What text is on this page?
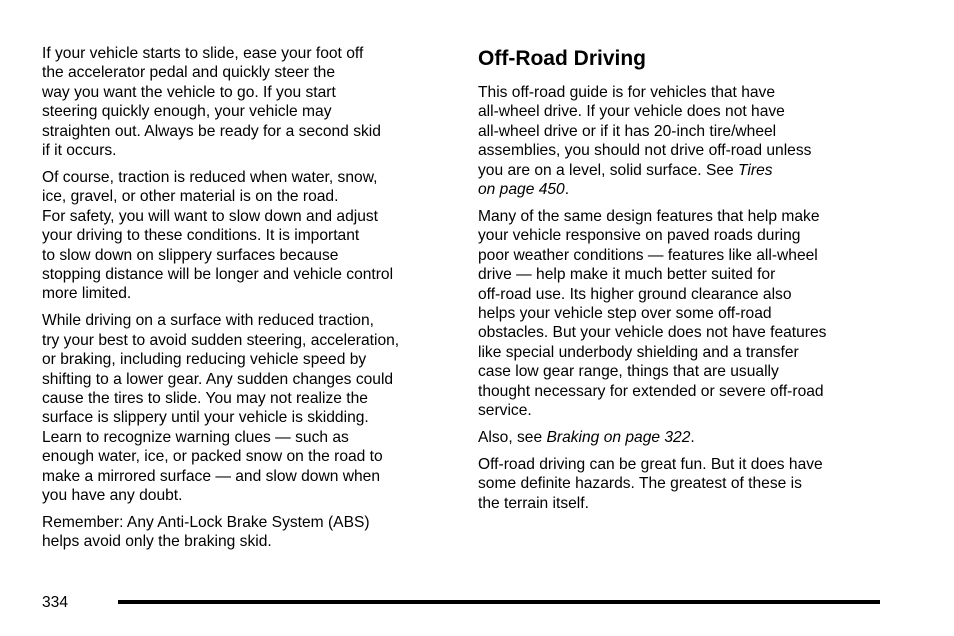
If your vehicle starts to slide, ease your foot off
the accelerator pedal and quickly steer the
way you want the vehicle to go. If you start
steering quickly enough, your vehicle may
straighten out. Always be ready for a second skid
if it occurs.

Of course, traction is reduced when water, snow,
ice, gravel, or other material is on the road.
For safety, you will want to slow down and adjust
your driving to these conditions. It is important
to slow down on slippery surfaces because
stopping distance will be longer and vehicle control
more limited.

While driving on a surface with reduced traction,
try your best to avoid sudden steering, acceleration,
or braking, including reducing vehicle speed by
shifting to a lower gear. Any sudden changes could
cause the tires to slide. You may not realize the
surface is slippery until your vehicle is skidding.
Learn to recognize warning clues — such as
enough water, ice, or packed snow on the road to
make a mirrored surface — and slow down when
you have any doubt.

Remember: Any Anti-Lock Brake System (ABS)
helps avoid only the braking skid.

Off-Road Driving

This off-road guide is for vehicles that have
all-wheel drive. If your vehicle does not have
all-wheel drive or if it has 20-inch tire/wheel
assemblies, you should not drive off-road unless
you are on a level, solid surface. See Tires
on page 450.

Many of the same design features that help make
your vehicle responsive on paved roads during
poor weather conditions — features like all-wheel
drive — help make it much better suited for
off-road use. Its higher ground clearance also
helps your vehicle step over some off-road
obstacles. But your vehicle does not have features
like special underbody shielding and a transfer
case low gear range, things that are usually
thought necessary for extended or severe off-road
service.

Also, see Braking on page 322.

Off-road driving can be great fun. But it does have
some definite hazards. The greatest of these is
the terrain itself.

334
